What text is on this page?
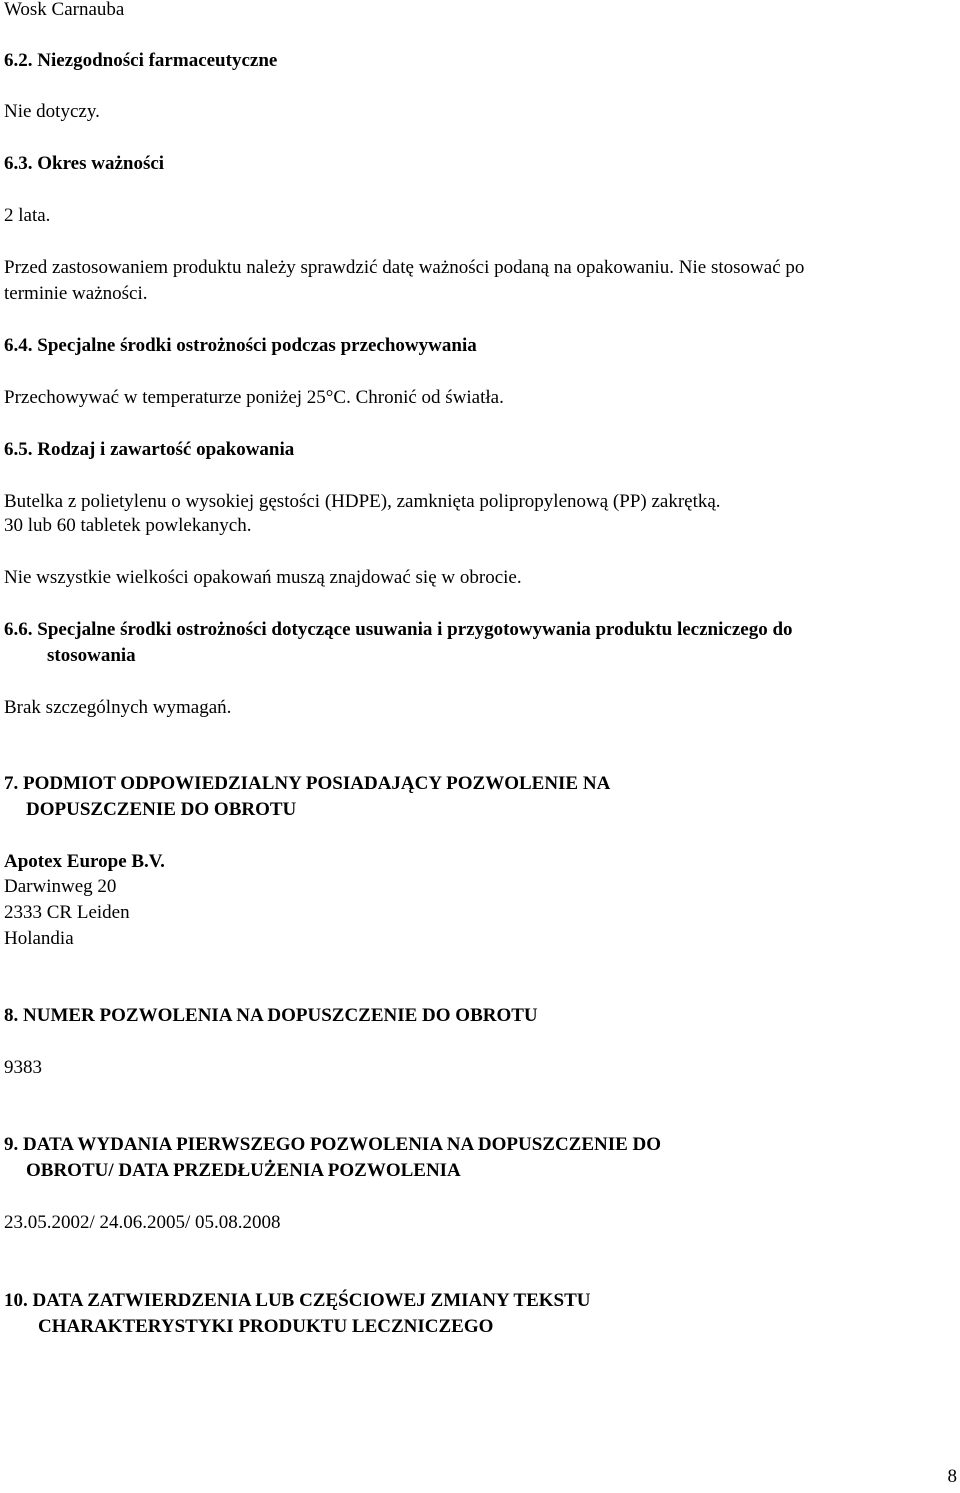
Wosk Carnauba
6.2. Niezgodności farmaceutyczne
Nie dotyczy.
6.3. Okres ważności
2 lata.
Przed zastosowaniem produktu należy sprawdzić datę ważności podaną na opakowaniu. Nie stosować po
terminie ważności.
6.4. Specjalne środki ostrożności podczas przechowywania
Przechowywać w temperaturze poniżej 25°C. Chronić od światła.
6.5. Rodzaj i zawartość opakowania
Butelka z polietylenu o wysokiej gęstości (HDPE), zamknięta polipropylenową (PP) zakrętką.
30 lub 60 tabletek powlekanych.
Nie wszystkie wielkości opakowań muszą znajdować się w obrocie.
6.6. Specjalne środki ostrożności dotyczące usuwania i przygotowywania produktu leczniczego do
stosowania
Brak szczególnych wymagań.
7. PODMIOT ODPOWIEDZIALNY POSIADAJĄCY POZWOLENIE NA
DOPUSZCZENIE DO OBROTU
Apotex Europe B.V.
Darwinweg 20
2333 CR Leiden
Holandia
8. NUMER POZWOLENIA NA DOPUSZCZENIE DO OBROTU
9383
9. DATA WYDANIA PIERWSZEGO POZWOLENIA NA DOPUSZCZENIE DO
OBROTU/ DATA PRZEDŁUŻENIA POZWOLENIA
23.05.2002/ 24.06.2005/ 05.08.2008
10. DATA ZATWIERDZENIA LUB CZĘŚCIOWEJ ZMIANY TEKSTU
CHARAKTERYSTYKI PRODUKTU LECZNICZEGO
8
